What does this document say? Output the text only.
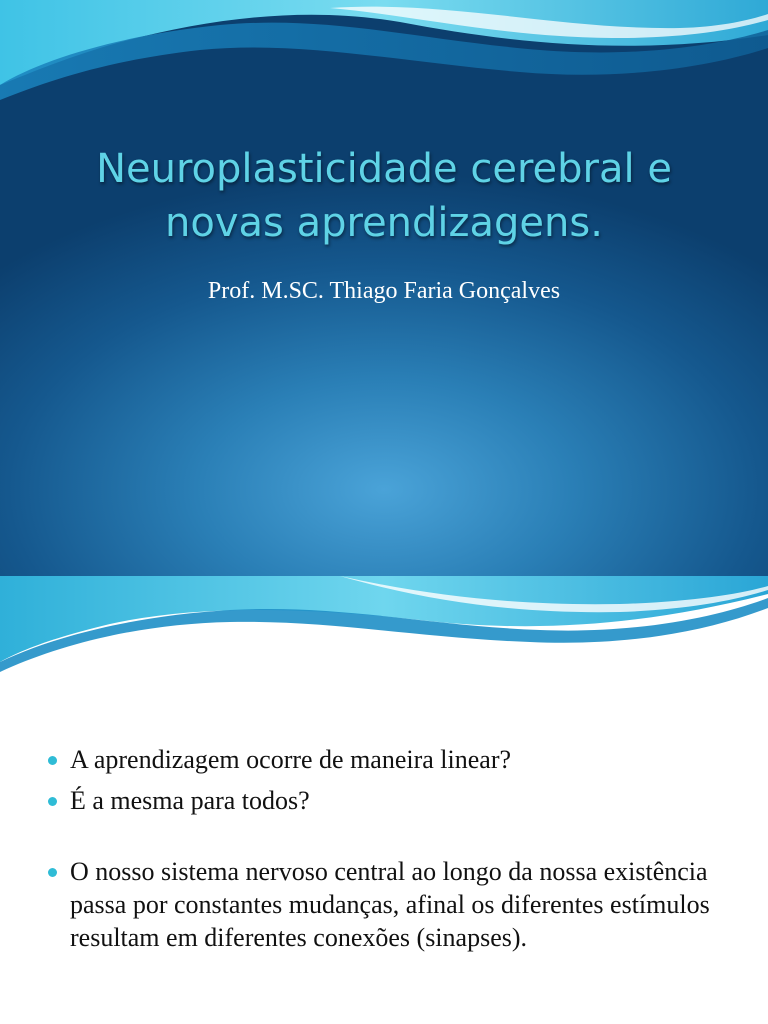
Neuroplasticidade cerebral e
novas aprendizagens.
Prof. M.SC. Thiago Faria Gonçalves
A aprendizagem ocorre de maneira linear?
É a mesma para todos?
O nosso sistema nervoso central ao longo da nossa existência passa por constantes mudanças, afinal os diferentes estímulos resultam em diferentes conexões (sinapses).
